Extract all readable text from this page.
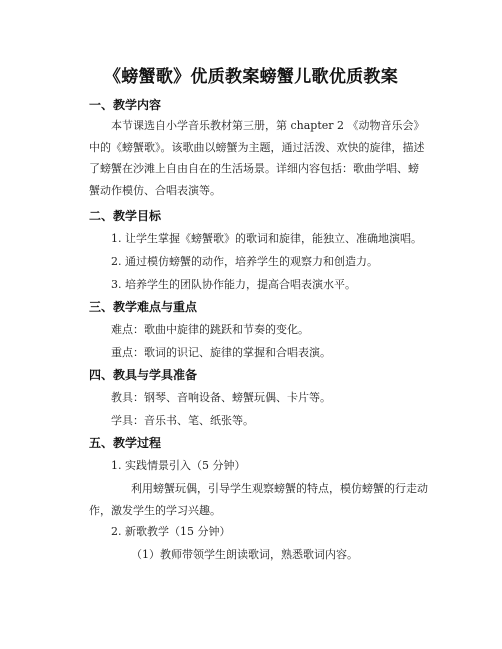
《螃蟹歌》优质教案螃蟹儿歌优质教案
一、教学内容
本节课选自小学音乐教材第三册，第 chapter 2 《动物音乐会》中的《螃蟹歌》。该歌曲以螃蟹为主题，通过活泼、欢快的旋律，描述了螃蟹在沙滩上自由自在的生活场景。详细内容包括：歌曲学唱、螃蟹动作模仿、合唱表演等。
二、教学目标
1. 让学生掌握《螃蟹歌》的歌词和旋律，能独立、准确地演唱。
2. 通过模仿螃蟹的动作，培养学生的观察力和创造力。
3. 培养学生的团队协作能力，提高合唱表演水平。
三、教学难点与重点
难点：歌曲中旋律的跳跃和节奏的变化。
重点：歌词的识记、旋律的掌握和合唱表演。
四、教具与学具准备
教具：钢琴、音响设备、螃蟹玩偶、卡片等。
学具：音乐书、笔、纸张等。
五、教学过程
1. 实践情景引入（5 分钟）
利用螃蟹玩偶，引导学生观察螃蟹的特点，模仿螃蟹的行走动作，激发学生的学习兴趣。
2. 新歌教学（15 分钟）
（1）教师带领学生朗读歌词，熟悉歌词内容。
